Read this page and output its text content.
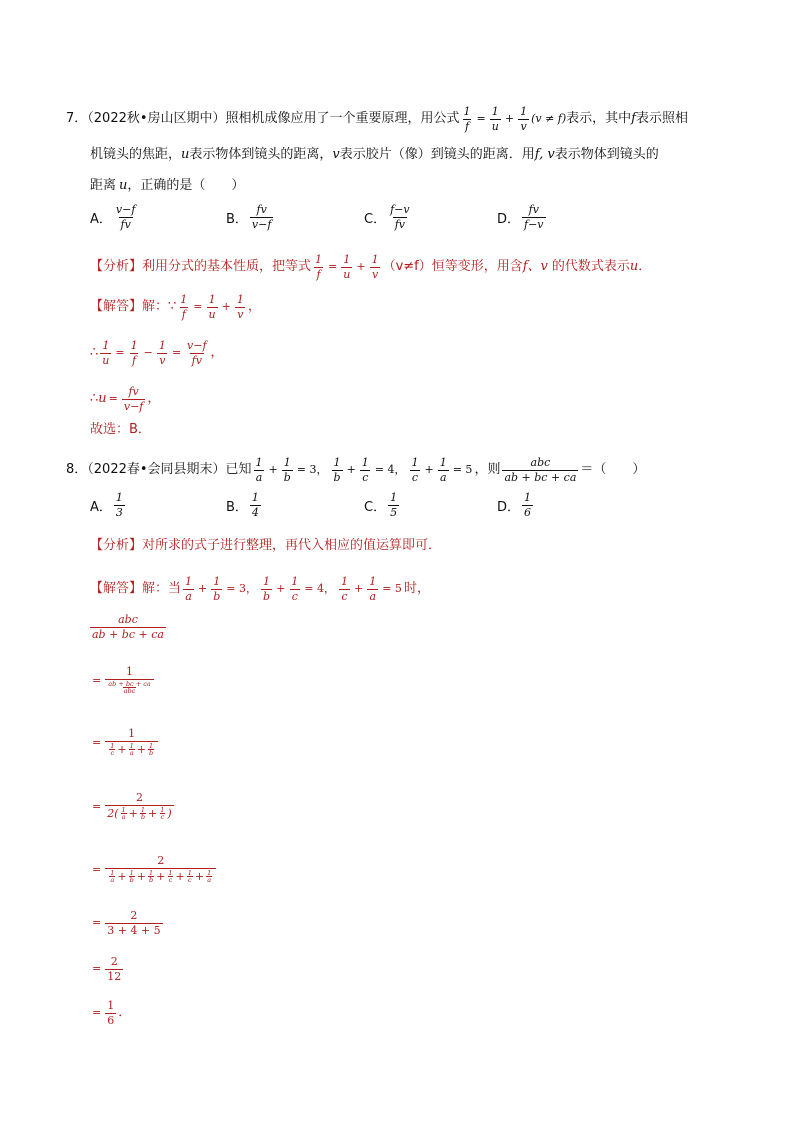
7．（2022秋•房山区期中）照相机成像应用了一个重要原理，用公式 $\frac{1}{f} = \frac{1}{u} + \frac{1}{v} (v \ne f)$ 表示，其中 f 表示照相
机镜头的焦距， u 表示物体到镜头的距离， v 表示胶片（像）到镜头的距离．用 f, v 表示物体到镜头的
距离 u ，正确的是（　　）
A． $\frac{v-f}{fv}$	B． $\frac{fv}{v-f}$	C． $\frac{f-v}{fv}$	D． $\frac{fv}{f-v}$
【分析】 利用分式的基本性质，把等式 $\frac{1}{f} = \frac{1}{u} + \frac{1}{v} (v\ne f)$恒等变形，用含 f、v 的代数式表示 u ．
【解答】 解：∵ $\frac{1}{f} = \frac{1}{u} + \frac{1}{v}$ ，
∴ $\frac{1}{u} = \frac{1}{f} - \frac{1}{v} = \frac{v-f}{fv}$ ，
∴ $u = \frac{fv}{v-f}$ ，
故选：B．
8．（2022春•会同县期末）已知 $\frac{1}{a} + \frac{1}{b} = 3$， $\frac{1}{b} + \frac{1}{c} = 4$， $\frac{1}{c} + \frac{1}{a} = 5$ ，则 $\frac{\text{abc}}{ab + bc + ca}$ ＝（　　）
A． $\frac{1}{3}$	B． $\frac{1}{4}$	C． $\frac{1}{5}$	D． $\frac{1}{6}$
【分析】 对所求的式子进行整理，再代入相应的值运算即可．
【解答】 解：当 $\frac{1}{a} + \frac{1}{b} = 3$， $\frac{1}{b} + \frac{1}{c} = 4$， $\frac{1}{c} + \frac{1}{a} = 5$ 时，
$\frac{\text{abc}}{ab + bc + ca}$
= $\frac{1}{\frac{ab + bc + ca}{\text{abc}}}$
= $\frac{1}{\frac{1}{c} + \frac{1}{a} + \frac{1}{b}}$
= $\frac{2}{2( \frac{1}{a} + \frac{1}{b} + \frac{1}{c} )}$
= $\frac{2}{\frac{1}{a} + \frac{1}{b} + \frac{1}{b} + \frac{1}{c} + \frac{1}{c} + \frac{1}{a}}$
= $\frac{2}{3 + 4 + 5}$
= $\frac{2}{12}$
= $\frac{1}{6}$ ．
